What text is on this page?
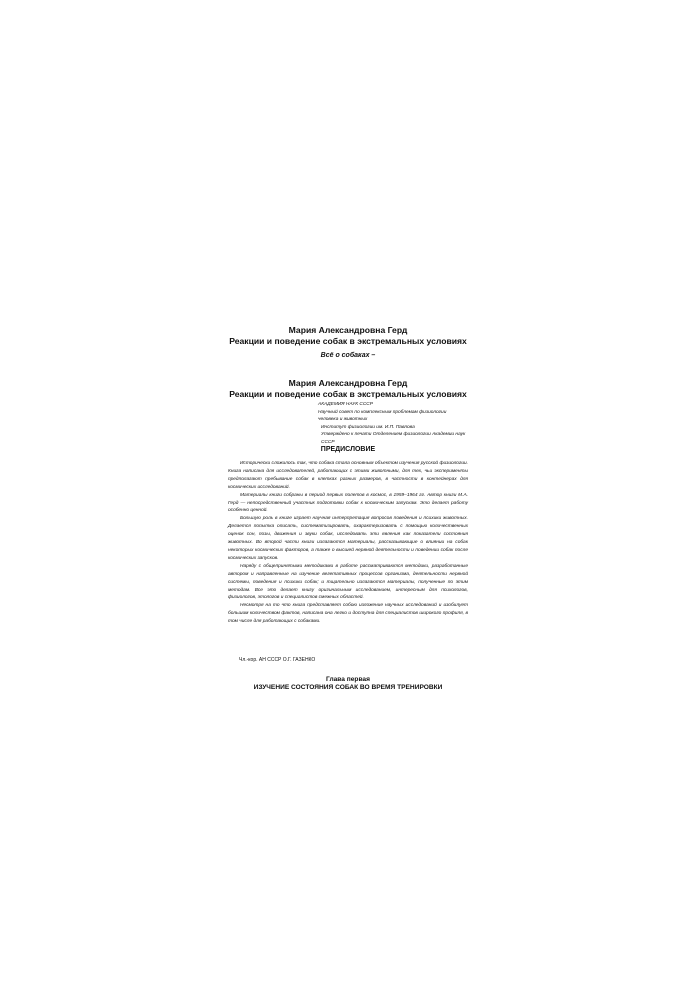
Мария Александровна Герд

Реакции и поведение собак в экстремальных условиях

Всё о собаках –

Мария Александровна Герд

Реакции и поведение собак в экстремальных условиях

АКАДЕМИЯ НАУК СССР
Научный совет по комплексным проблемам физиологии человека и животных
Институт физиологии им. И.П. Павлова
Утверждено к печати Отделением физиологии Академии наук СССР

ПРЕДИСЛОВИЕ

Исторически сложилось так, что собака стала основным объектом изучения русской физиологии. Книга написана для исследователей, работающих с этими животными, для тех, чьи эксперименты предполагают пребывание собак в клетках разных размеров, в частности в контейнерах для космических исследований.

Материалы книги собраны в период первых полетов в космос, в 1959–1964 гг. Автор книги М.А. Герд — непосредственный участник подготовки собак к космическим запускам. Это делает работу особенно ценной.

Большую роль в книге играет научная интерпретация вопросов поведения и психики животных. Делается попытка описать, систематизировать, охарактеризовать с помощью количественных оценок сон, позы, движения и звуки собак, исследовать эти явления как показатели состояния животных. Во второй части книги излагаются материалы, рассказывающие о влиянии на собак некоторых космических факторов, а также о высшей нервной деятельности и поведении собак после космических запусков.

Наряду с общепринятыми методиками в работе рассматриваются методики, разработанные автором и направленные на изучение вегетативных процессов организма, деятельности нервной системы, поведения и психики собак; и тщательно излагаются материалы, полученные по этим методам. Все это делает книгу оригинальным исследованием, интересным для психологов, физиологов, этологов и специалистов смежных областей.

Несмотря на то что книга представляет собою изложение научных исследований и изобилует большим количеством фактов, написана она легко и доступна для специалистов широкого профиля, в том числе для работающих с собаками.

Чл.-кор. АН СССР О.Г. ГАЗЕНКО

Глава первая

ИЗУЧЕНИЕ СОСТОЯНИЯ СОБАК ВО ВРЕМЯ ТРЕНИРОВКИ
